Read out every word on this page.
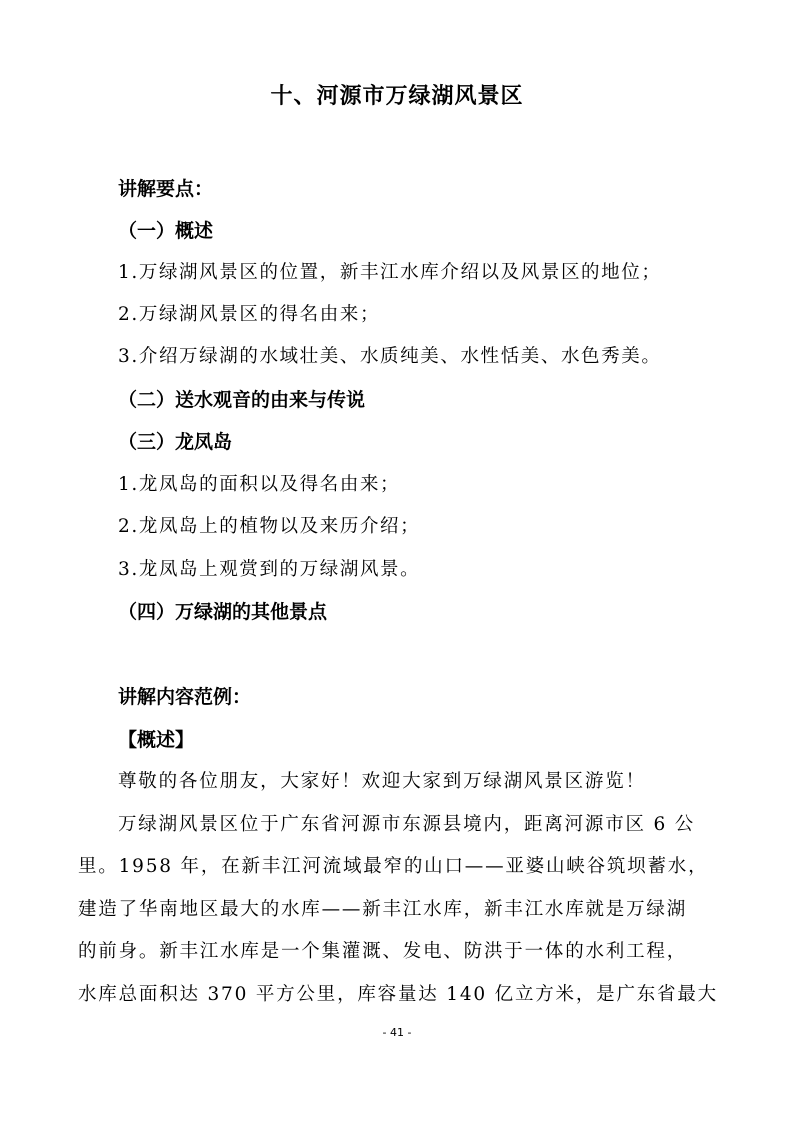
十、河源市万绿湖风景区
讲解要点：
（一）概述
1.万绿湖风景区的位置，新丰江水库介绍以及风景区的地位；
2.万绿湖风景区的得名由来；
3.介绍万绿湖的水域壮美、水质纯美、水性恬美、水色秀美。
（二）送水观音的由来与传说
（三）龙凤岛
1.龙凤岛的面积以及得名由来；
2.龙凤岛上的植物以及来历介绍；
3.龙凤岛上观赏到的万绿湖风景。
（四）万绿湖的其他景点
讲解内容范例：
【概述】
尊敬的各位朋友，大家好！欢迎大家到万绿湖风景区游览！
万绿湖风景区位于广东省河源市东源县境内，距离河源市区 6 公
里。1958 年，在新丰江河流域最窄的山口——亚婆山峡谷筑坝蓄水，
建造了华南地区最大的水库——新丰江水库，新丰江水库就是万绿湖
的前身。新丰江水库是一个集灌溉、发电、防洪于一体的水利工程，
水库总面积达 370 平方公里，库容量达 140 亿立方米，是广东省最大
- 41 -
